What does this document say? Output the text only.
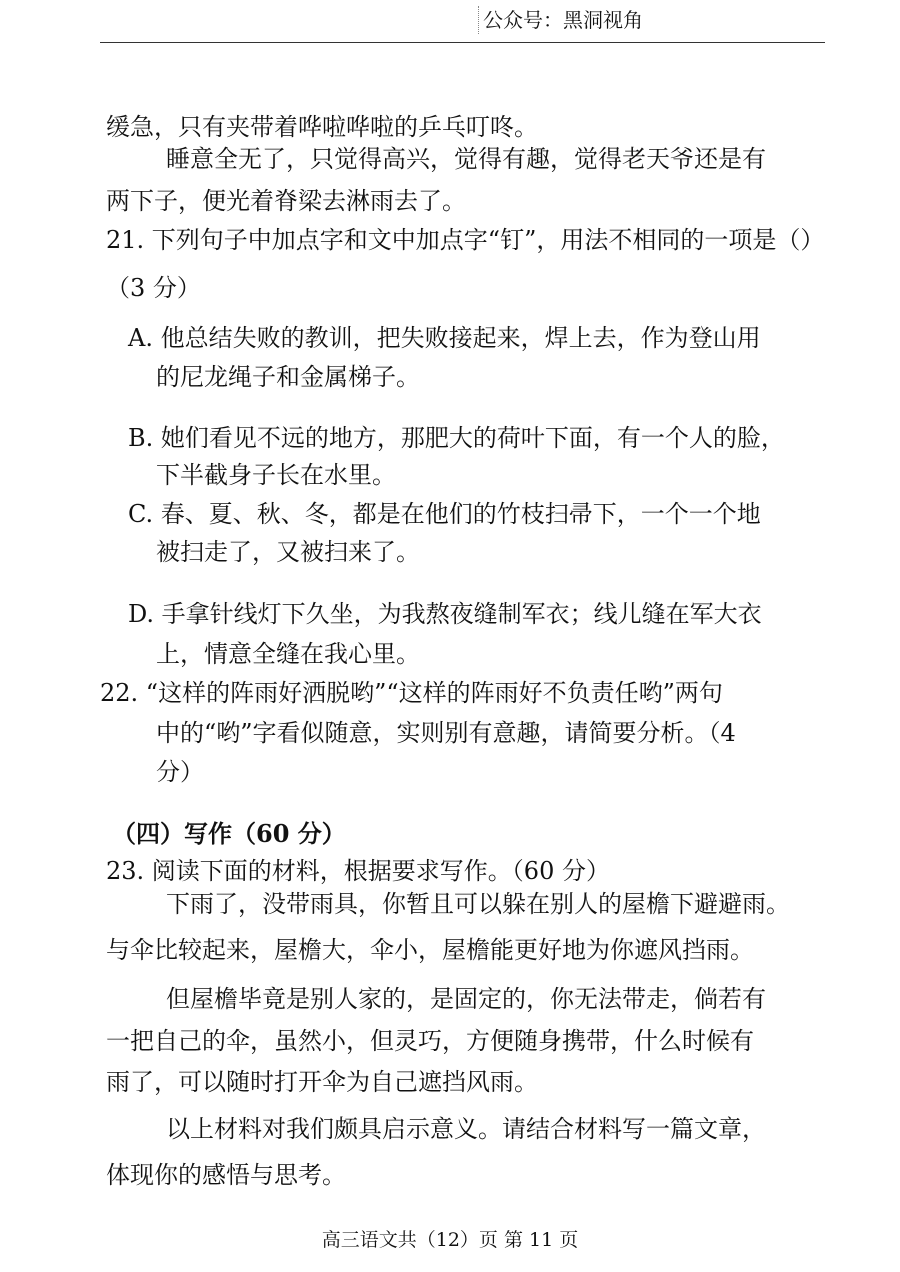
公众号：黑洞视角
缓急，只有夹带着哗啦哗啦的乒乓叮咚。
睡意全无了，只觉得高兴，觉得有趣，觉得老天爷还是有
两下子，便光着脊梁去淋雨去了。
21. 下列句子中加点字和文中加点字“钉”，用法不相同的一项是（）
（3 分）
A. 他总结失败的教训，把失败接起来，焊上去，作为登山用
的尼龙绳子和金属梯子。
B. 她们看见不远的地方，那肥大的荷叶下面，有一个人的脸，
下半截身子长在水里。
C. 春、夏、秋、冬，都是在他们的竹枝扫帚下，一个一个地
被扫走了，又被扫来了。
D. 手拿针线灯下久坐，为我熬夜缝制军衣；线儿缝在军大衣
上，情意全缝在我心里。
22. “这样的阵雨好洒脱哟”“这样的阵雨好不负责任哟”两句
中的“哟”字看似随意，实则别有意趣，请简要分析。（4
分）
（四）写作（60 分）
23. 阅读下面的材料，根据要求写作。（60 分）
下雨了，没带雨具，你暂且可以躲在别人的屋檐下避避雨。
与伞比较起来，屋檐大，伞小，屋檐能更好地为你遮风挡雨。
但屋檐毕竟是别人家的，是固定的，你无法带走，倘若有
一把自己的伞，虽然小，但灵巧，方便随身携带，什么时候有
雨了，可以随时打开伞为自己遮挡风雨。
以上材料对我们颇具启示意义。请结合材料写一篇文章，
体现你的感悟与思考。
高三语文共（12）页 第 11 页
